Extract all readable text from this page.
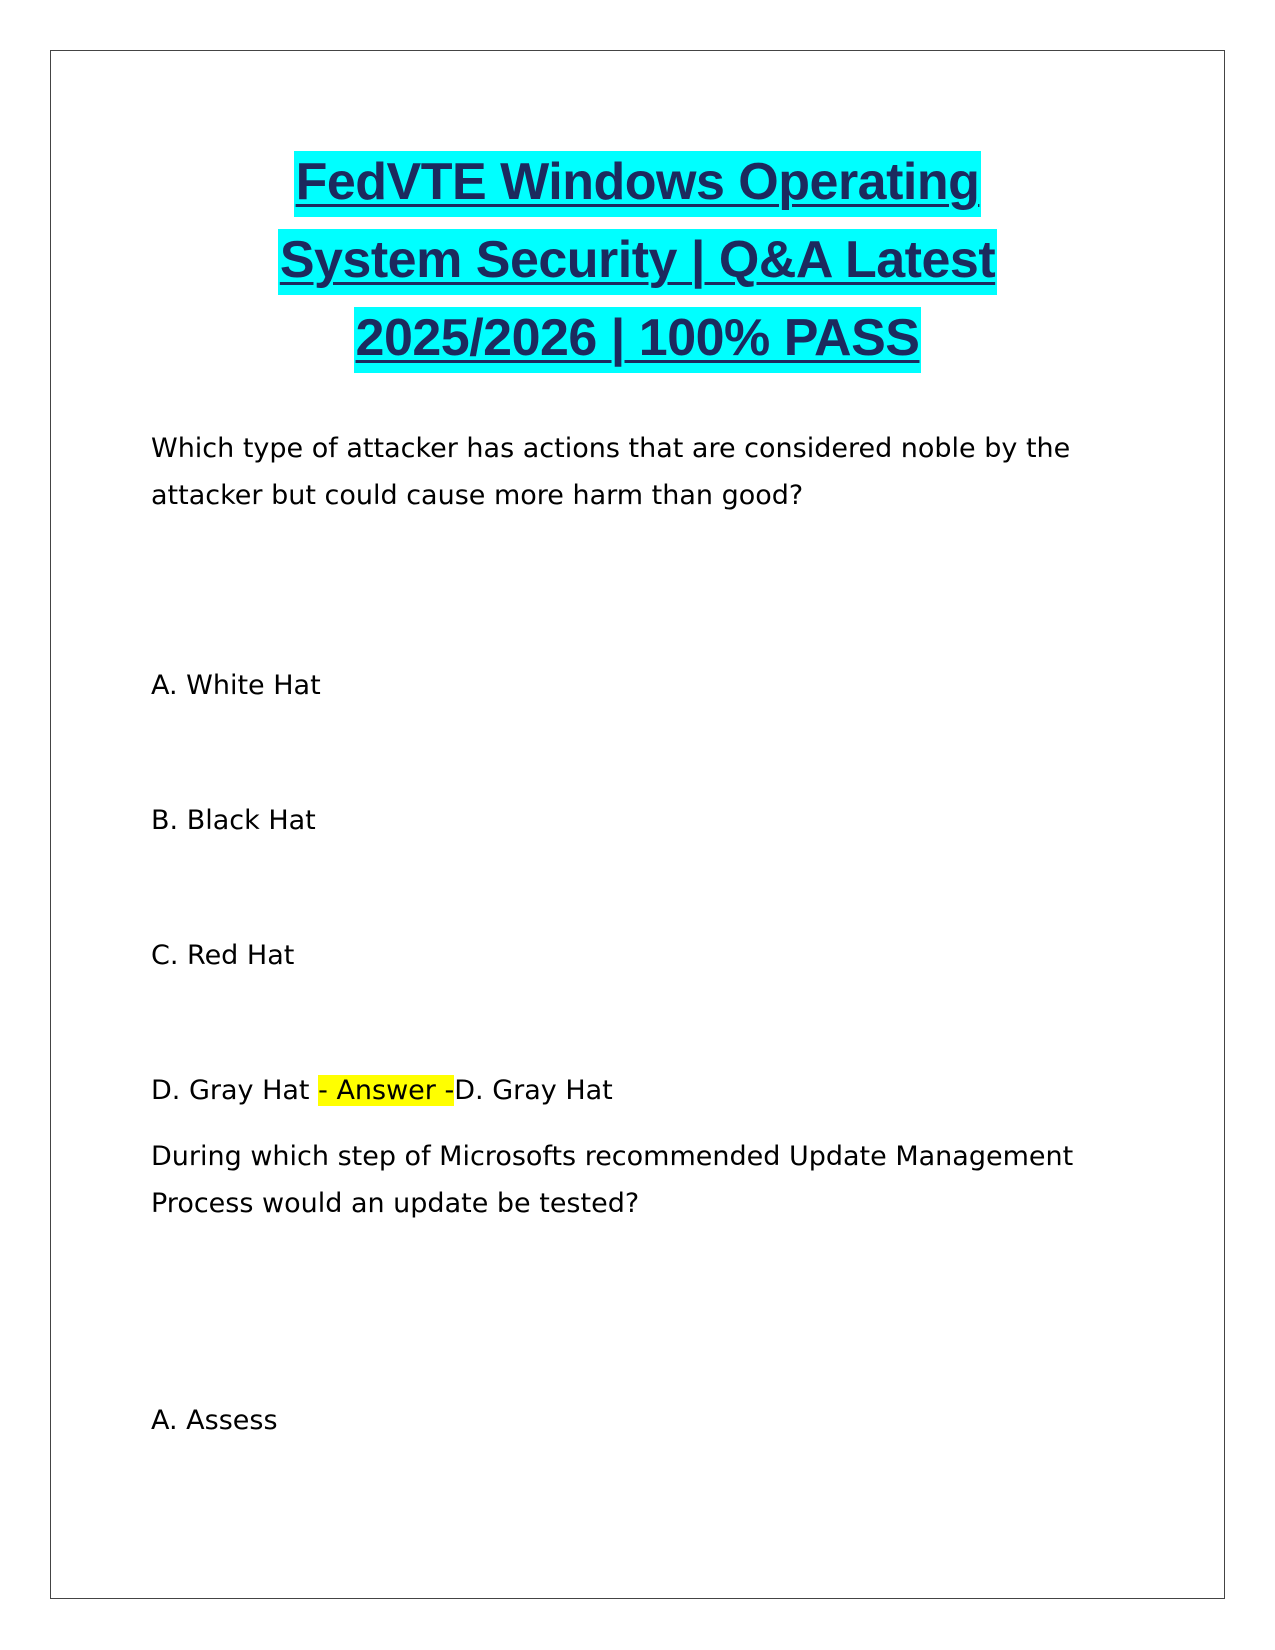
FedVTE Windows Operating
System Security | Q&A Latest
2025/2026 | 100% PASS
Which type of attacker has actions that are considered noble by the
attacker but could cause more harm than good?
A. White Hat
B. Black Hat
C. Red Hat
D. Gray Hat - Answer -D. Gray Hat
During which step of Microsofts recommended Update Management
Process would an update be tested?
A. Assess
